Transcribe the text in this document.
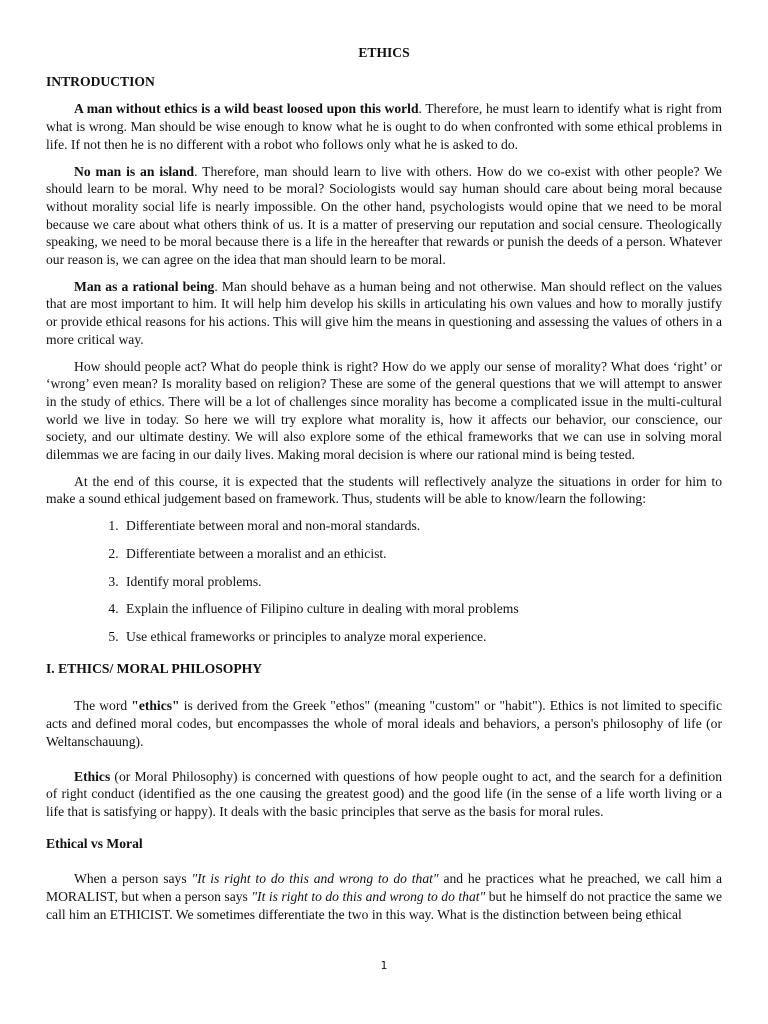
ETHICS
INTRODUCTION

A man without ethics is a wild beast loosed upon this world. Therefore, he must learn to identify what is right from what is wrong. Man should be wise enough to know what he is ought to do when confronted with some ethical problems in life. If not then he is no different with a robot who follows only what he is asked to do.

No man is an island. Therefore, man should learn to live with others. How do we co-exist with other people? We should learn to be moral. Why need to be moral? Sociologists would say human should care about being moral because without morality social life is nearly impossible. On the other hand, psychologists would opine that we need to be moral because we care about what others think of us. It is a matter of preserving our reputation and social censure. Theologically speaking, we need to be moral because there is a life in the hereafter that rewards or punish the deeds of a person. Whatever our reason is, we can agree on the idea that man should learn to be moral.

Man as a rational being. Man should behave as a human being and not otherwise. Man should reflect on the values that are most important to him. It will help him develop his skills in articulating his own values and how to morally justify or provide ethical reasons for his actions. This will give him the means in questioning and assessing the values of others in a more critical way.

How should people act? What do people think is right? How do we apply our sense of morality? What does ‘right’ or ‘wrong’ even mean? Is morality based on religion? These are some of the general questions that we will attempt to answer in the study of ethics. There will be a lot of challenges since morality has become a complicated issue in the multi-cultural world we live in today. So here we will try explore what morality is, how it affects our behavior, our conscience, our society, and our ultimate destiny. We will also explore some of the ethical frameworks that we can use in solving moral dilemmas we are facing in our daily lives. Making moral decision is where our rational mind is being tested.

At the end of this course, it is expected that the students will reflectively analyze the situations in order for him to make a sound ethical judgement based on framework. Thus, students will be able to know/learn the following:

1. Differentiate between moral and non-moral standards.
2. Differentiate between a moralist and an ethicist.
3. Identify moral problems.
4. Explain the influence of Filipino culture in dealing with moral problems
5. Use ethical frameworks or principles to analyze moral experience.
I. ETHICS/ MORAL PHILOSOPHY

The word "ethics" is derived from the Greek "ethos" (meaning "custom" or "habit"). Ethics is not limited to specific acts and defined moral codes, but encompasses the whole of moral ideals and behaviors, a person's philosophy of life (or Weltanschauung).

Ethics (or Moral Philosophy) is concerned with questions of how people ought to act, and the search for a definition of right conduct (identified as the one causing the greatest good) and the good life (in the sense of a life worth living or a life that is satisfying or happy). It deals with the basic principles that serve as the basis for moral rules.

Ethical vs Moral

When a person says "It is right to do this and wrong to do that" and he practices what he preached, we call him a MORALIST, but when a person says "It is right to do this and wrong to do that" but he himself do not practice the same we call him an ETHICIST. We sometimes differentiate the two in this way. What is the distinction between being ethical

1
